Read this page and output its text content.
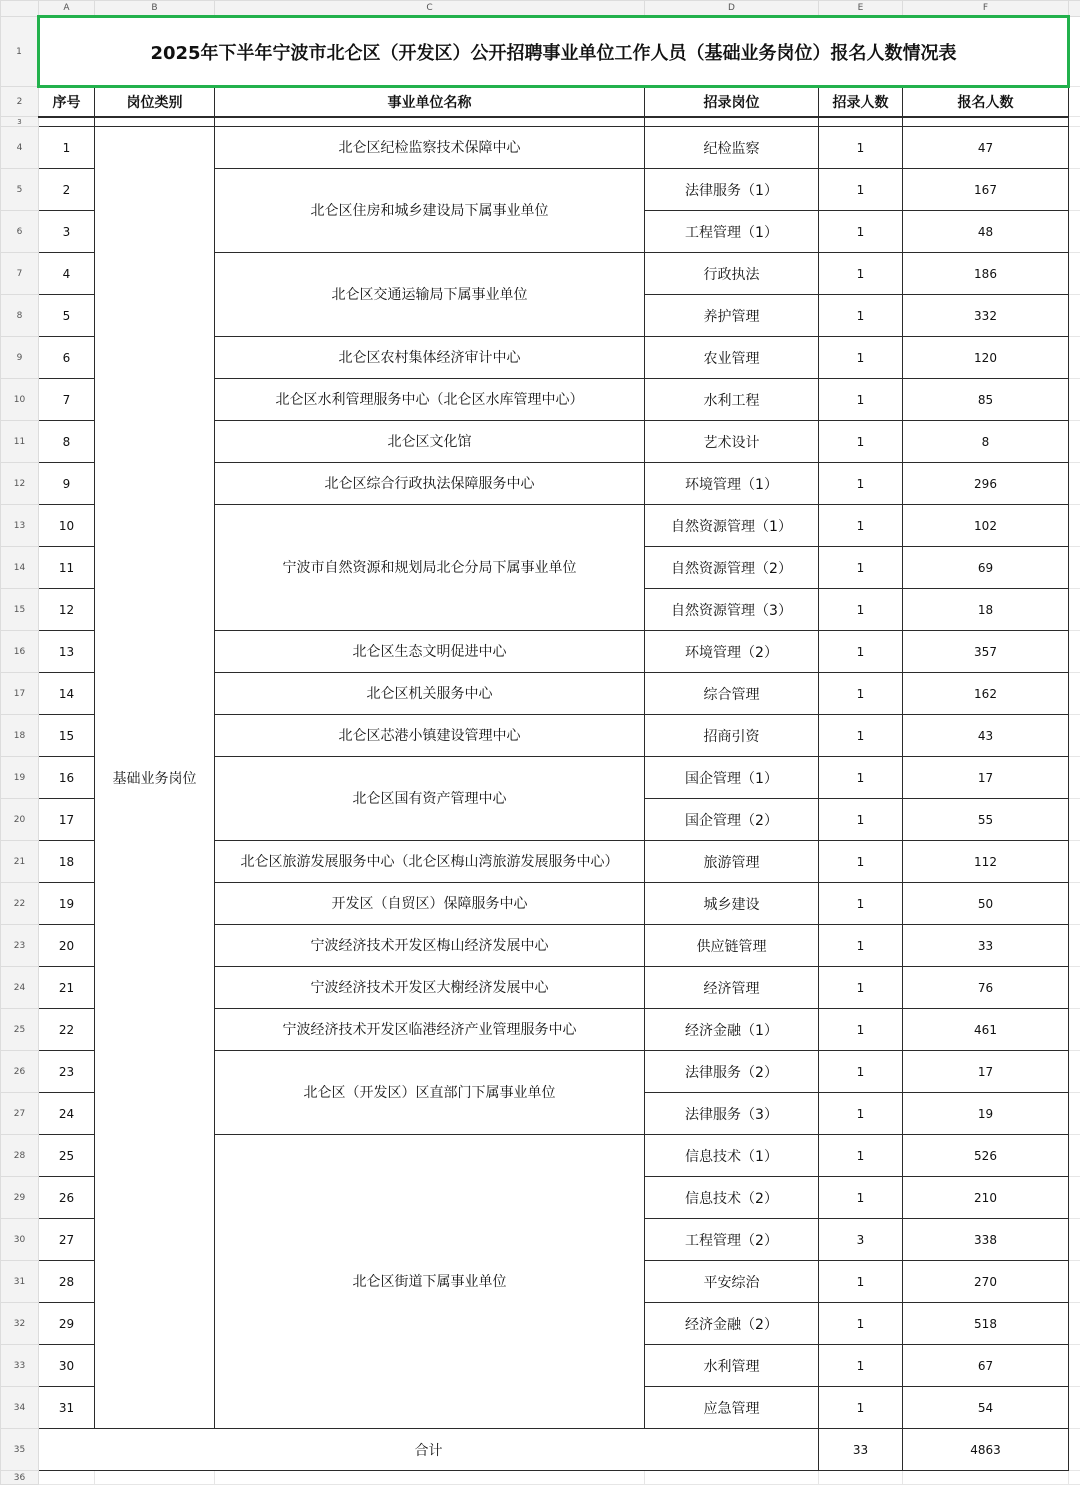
	A	B	C	D	E	F	
1	2025年下半年宁波市北仑区（开发区）公开招聘事业单位工作人员（基础业务岗位）报名人数情况表						
2	序号	岗位类别	事业单位名称	招录岗位	招录人数	报名人数	
3							
4	1	基础业务岗位	北仑区纪检监察技术保障中心	纪检监察	1	47	
5	2		北仑区住房和城乡建设局下属事业单位	法律服务（1）	1	167	
6	3			工程管理（1）	1	48	
7	4		北仑区交通运输局下属事业单位	行政执法	1	186	
8	5			养护管理	1	332	
9	6		北仑区农村集体经济审计中心	农业管理	1	120	
10	7		北仑区水利管理服务中心（北仑区水库管理中心）	水利工程	1	85	
11	8		北仑区文化馆	艺术设计	1	8	
12	9		北仑区综合行政执法保障服务中心	环境管理（1）	1	296	
13	10		宁波市自然资源和规划局北仑分局下属事业单位	自然资源管理（1）	1	102	
14	11			自然资源管理（2）	1	69	
15	12			自然资源管理（3）	1	18	
16	13		北仑区生态文明促进中心	环境管理（2）	1	357	
17	14		北仑区机关服务中心	综合管理	1	162	
18	15		北仑区芯港小镇建设管理中心	招商引资	1	43	
19	16		北仑区国有资产管理中心	国企管理（1）	1	17	
20	17			国企管理（2）	1	55	
21	18		北仑区旅游发展服务中心（北仑区梅山湾旅游发展服务中心）	旅游管理	1	112	
22	19		开发区（自贸区）保障服务中心	城乡建设	1	50	
23	20		宁波经济技术开发区梅山经济发展中心	供应链管理	1	33	
24	21		宁波经济技术开发区大榭经济发展中心	经济管理	1	76	
25	22		宁波经济技术开发区临港经济产业管理服务中心	经济金融（1）	1	461	
26	23		北仑区（开发区）区直部门下属事业单位	法律服务（2）	1	17	
27	24			法律服务（3）	1	19	
28	25		北仑区街道下属事业单位	信息技术（1）	1	526	
29	26			信息技术（2）	1	210	
30	27			工程管理（2）	3	338	
31	28			平安综治	1	270	
32	29			经济金融（2）	1	518	
33	30			水利管理	1	67	
34	31			应急管理	1	54	
35	合计				33	4863	
36							
